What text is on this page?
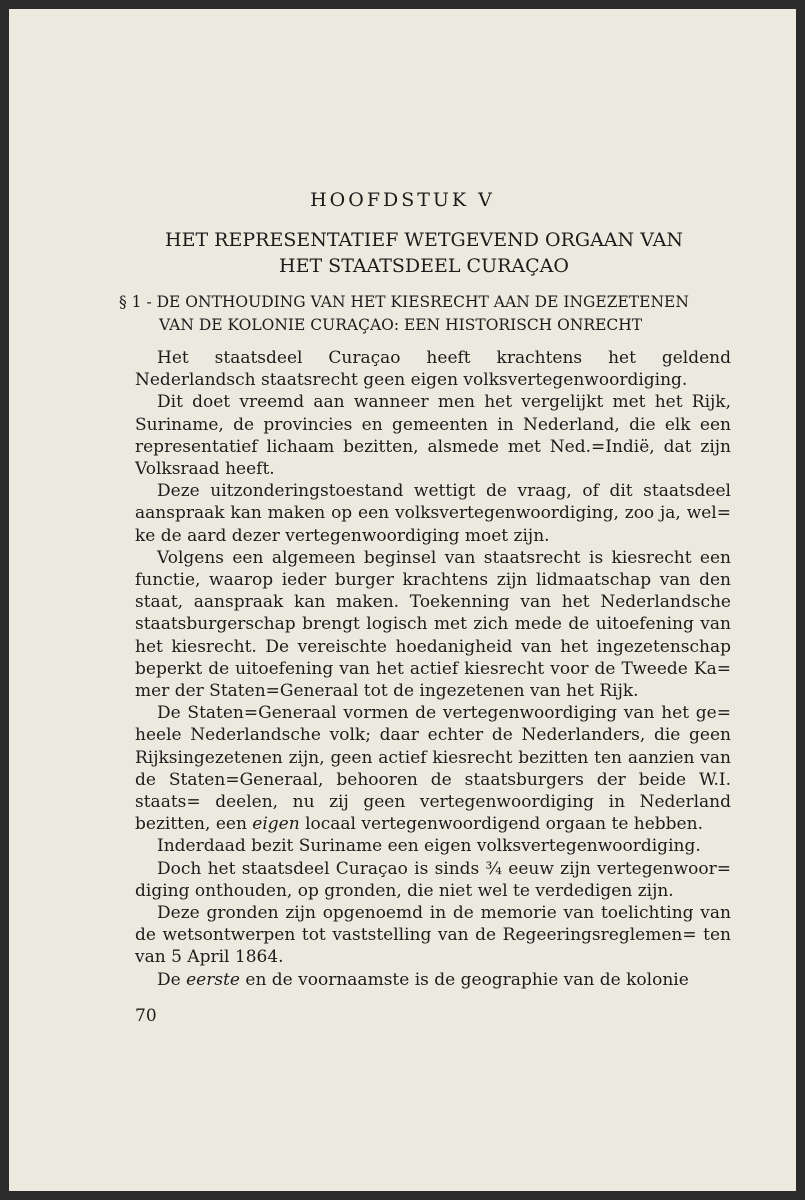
HOOFDSTUK V
HET REPRESENTATIEF WETGEVEND ORGAAN VAN
HET STAATSDEEL CURAÇAO
§ 1 - DE ONTHOUDING VAN HET KIESRECHT AAN DE INGEZETENEN
VAN DE KOLONIE CURAÇAO: EEN HISTORISCH ONRECHT

Het staatsdeel Curaçao heeft krachtens het geldend Nederlandsch staatsrecht geen eigen volksvertegenwoordiging.

Dit doet vreemd aan wanneer men het vergelijkt met het Rijk, Suriname, de provincies en gemeenten in Nederland, die elk een representatief lichaam bezitten, alsmede met Ned.=Indië, dat zijn Volksraad heeft.

Deze uitzonderingstoestand wettigt de vraag, of dit staatsdeel aanspraak kan maken op een volksvertegenwoordiging, zoo ja, wel= ke de aard dezer vertegenwoordiging moet zijn.

Volgens een algemeen beginsel van staatsrecht is kiesrecht een functie, waarop ieder burger krachtens zijn lidmaatschap van den staat, aanspraak kan maken. Toekenning van het Nederlandsche staatsburgerschap brengt logisch met zich mede de uitoefening van het kiesrecht. De vereischte hoedanigheid van het ingezetenschap beperkt de uitoefening van het actief kiesrecht voor de Tweede Ka= mer der Staten=Generaal tot de ingezetenen van het Rijk.

De Staten=Generaal vormen de vertegenwoordiging van het ge= heele Nederlandsche volk; daar echter de Nederlanders, die geen Rijksingezetenen zijn, geen actief kiesrecht bezitten ten aanzien van de Staten=Generaal, behooren de staatsburgers der beide W.I. staats= deelen, nu zij geen vertegenwoordiging in Nederland bezitten, een eigen locaal vertegenwoordigend orgaan te hebben.

Inderdaad bezit Suriname een eigen volksvertegenwoordiging.

Doch het staatsdeel Curaçao is sinds ¾ eeuw zijn vertegenwoor= diging onthouden, op gronden, die niet wel te verdedigen zijn.

Deze gronden zijn opgenoemd in de memorie van toelichting van de wetsontwerpen tot vaststelling van de Regeeringsreglemen= ten van 5 April 1864.

De eerste en de voornaamste is de geographie van de kolonie

70
